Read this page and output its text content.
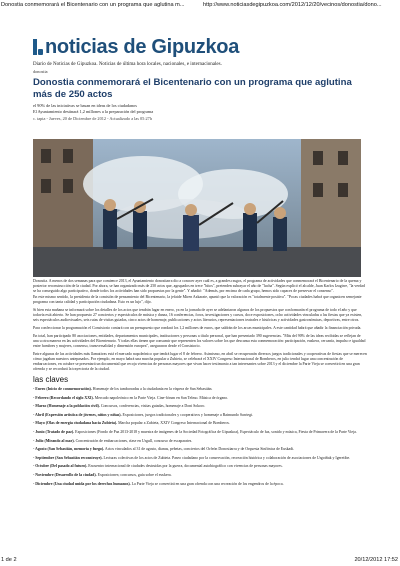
Donostia conmemorará el Bicentenario con un programa que aglutina m...	http://www.noticiasdegipuzkoa.com/2012/12/20/vecinos/donostia/dono...
noticias de Gipuzkoa
Diario de Noticias de Gipuzkoa. Noticias de última hora locales, nacionales, e internacionales.
donostia
Donostia conmemorará el Bicentenario con un programa que aglutina más de 250 actos

el 90% de las iniciativas se basan en ideas de los ciudadanos

El Ayuntamiento destinará 1,2 millones a la preparación del programa

c. tapia - Jueves, 20 de Diciembre de 2012 - Actualizado a las 05:27h

Donostia. A menos de dos semanas para que comience 2013, el Ayuntamiento donostiarra dio a conocer ayer cuál es, a grandes rasgos, el programa de actividades que conmemorará el Bicentenario de la quema y posterior reconstrucción de la ciudad. Por ahora, se han organizado más de 250 actos que, agrupados en trece "hitos", pretenden subrayar el año de "lucha". Según explicó el alcalde, Juan Karlos Izagirre, "la verdad se ha conseguido algo participativo, donde todos los actividades han sido propuestas por la gente". Y añadió: "Además, por encima de cada grupo, hemos sido capaces de preservar el consenso".

En este mismo sentido, la presidenta de la comisión de pensamiento del Bicentenario, la jefaide Miren Azkarate, apuntó que la valoración es "totalmente positiva". "Pocas ciudades habrá que organicen semejante programa con tanta calidad y participación ciudadana. Esto es un lujo", dijo.

Si bien esta mañana se informará sobre los detalles de los actos que tendrán lugar en enero, ya en la jornada de ayer se adelantaron algunos de los propuestos que conformarán el programa de todo el año y que todavía está abierto. Se han propuesto 27 conciertos y espectáculos de música y danza, 16 conferencias, foros, investigaciones y cursos, doce exposiciones, ocho actividades vinculadas a las fiestas que ya existen, seis espectáculos audiovisuales, seis rutas de visitas guiadas, cinco actos de homenaje, publicaciones y actos literarios, representaciones teatrales e históricas y actividades gastronómicas, deportivas, entre otros.

Para confeccionar la programación el Consistorio contará con un presupuesto que rondará los 1,2 millones de euros, que saldrán de los arcas municipales. A este cantidad habrá que añadir la financiación privada.

En total, han participado 80 asociaciones, entidades, departamentos municipales, instituciones y personas a título personal, que han presentado 390 sugerencias. "Más del 90% de las ideas recibidas se reflejan de una u otra manera en las actividades del Bicentenario. Y todas ellas tienen que consumir que representen los valores sobre los que descansa esta conmemoración: participación, euskera, cercanía, impulso e igualdad entre hombres y mujeres, consenso, transversalidad y dimensión europea", aseguraron desde el Consistorio.

Entre algunas de las actividades más llamativas está el mercado napoleónico que tendrá lugar el 8 de febrero. Asimismo, en abril se recuperarán diversos juegos tradicionales y cooperativas de fiestas que se merecen cómo jugaban nuestros antepasados. Por ejemplo, en mayo habrá una marcha popular a Zubieta, se celebrará el XXIV Congreso Internacional de Bomberos, en julio tendrá lugar una concentración de embarcaciones, en octubre se presentará un documental que recoja vivencias de personas mayores que vivan hacer testimonio a tan interesantes sobre 2013 y el diciembre la Parte Vieja se convertirá en una gran ofrenda y se recordará la trayectoria de la ciudad.

las claves
- Enero (Inicio de conmemoración). Homenaje de los tamborradas a la ciudadanía en la víspera de San Sebastián.
- Febrero (Recordando el siglo XXI). Mercado napoleónico en la Parte Vieja. Cine-fórum en San Telmo. Música de órgano.
- Marzo (Homenaje a la población civil). Concursos, conferencias, visitas guiadas, homenaje a Doni Sokoro.
- Abril (Expresión artística de jóvenes, niños y niñas). Exposiciones, juegos tradicionales y cooperativos y homenaje a Raimundo Sarriegi.
- Mayo (Olas de energía ciudadana hacia Zubieta). Marcha popular a Zubieta, XXIV Congreso Internacional de Bomberos.
- Junio (Tratado de paz). Exposiciones (Fondo de Paz 2013-2018 y muestra de imágenes de la Sociedad Fotográfica de Gipuzkoa), Espectáculo de luz, sonido y música, Fiesta de Primavera de la Parte Vieja.
- Julio (Mirando al mar). Concentración de embarcaciones, ríase en Urgull, concurso de escaparates.
- Agosto (San Sebastián, memoria y fuego). Actos vinculados al 31 de agosto, dianas, pebetas, conciertos del Orfeón Donostiarra y de Orquesta Sinfónica de Euskadi.
- Septiembre (San Sebastián reconstruye). Lecturas colectivas de los actos de Zubieta. Paseo ciudadano por la conservación, recreación histórica y colaboración de asociaciones de Urgoiñak y Igeretibe.
- Octubre (Del pasado al futuro). Encuentro internacional de ciudades destruidas por la guerra, documental autobiográfico con vivencias de personas mayores.
- Noviembre (Desarrollo de la ciudad). Exposiciones; concursos, guía sobre el euskera.
- Diciembre (Una ciudad unida por los derechos humanos). La Parte Vieja se convertirá en una gran ofrenda con una recreación de los engendros de la época.
1 de 2	20/12/2012 17:52
